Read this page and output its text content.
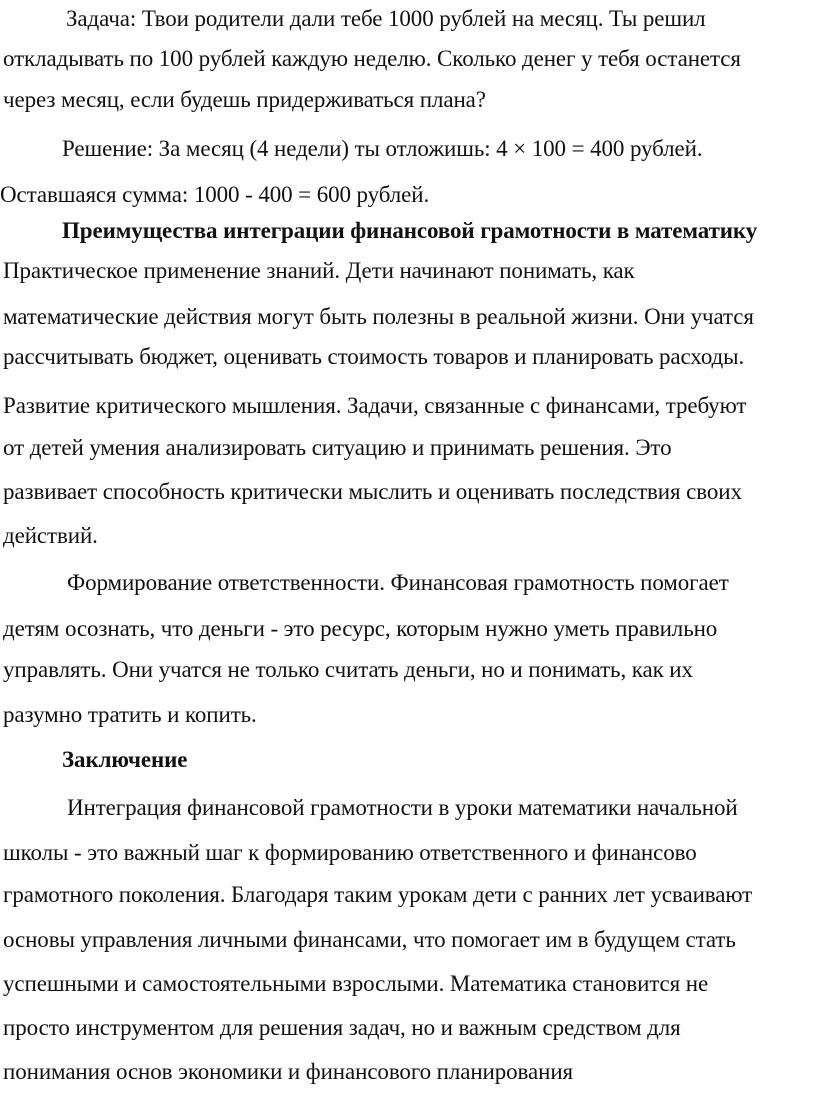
Задача: Твои родители дали тебе 1000 рублей на месяц. Ты решил
откладывать по 100 рублей каждую неделю. Сколько денег у тебя останется
через месяц, если будешь придерживаться плана?
Решение: За месяц (4 недели) ты отложишь: 4 × 100 = 400 рублей.
Оставшаяся сумма: 1000 - 400 = 600 рублей.
Преимущества интеграции финансовой грамотности в математику
Практическое применение знаний. Дети начинают понимать, как
математические действия могут быть полезны в реальной жизни. Они учатся
рассчитывать бюджет, оценивать стоимость товаров и планировать расходы.
Развитие критического мышления. Задачи, связанные с финансами, требуют
от детей умения анализировать ситуацию и принимать решения. Это
развивает способность критически мыслить и оценивать последствия своих
действий.
Формирование ответственности. Финансовая грамотность помогает
детям осознать, что деньги - это ресурс, которым нужно уметь правильно
управлять. Они учатся не только считать деньги, но и понимать, как их
разумно тратить и копить.
Заключение
Интеграция финансовой грамотности в уроки математики начальной
школы - это важный шаг к формированию ответственного и финансово
грамотного поколения. Благодаря таким урокам дети с ранних лет усваивают
основы управления личными финансами, что помогает им в будущем стать
успешными и самостоятельными взрослыми. Математика становится не
просто инструментом для решения задач, но и важным средством для
понимания основ экономики и финансового планирования
